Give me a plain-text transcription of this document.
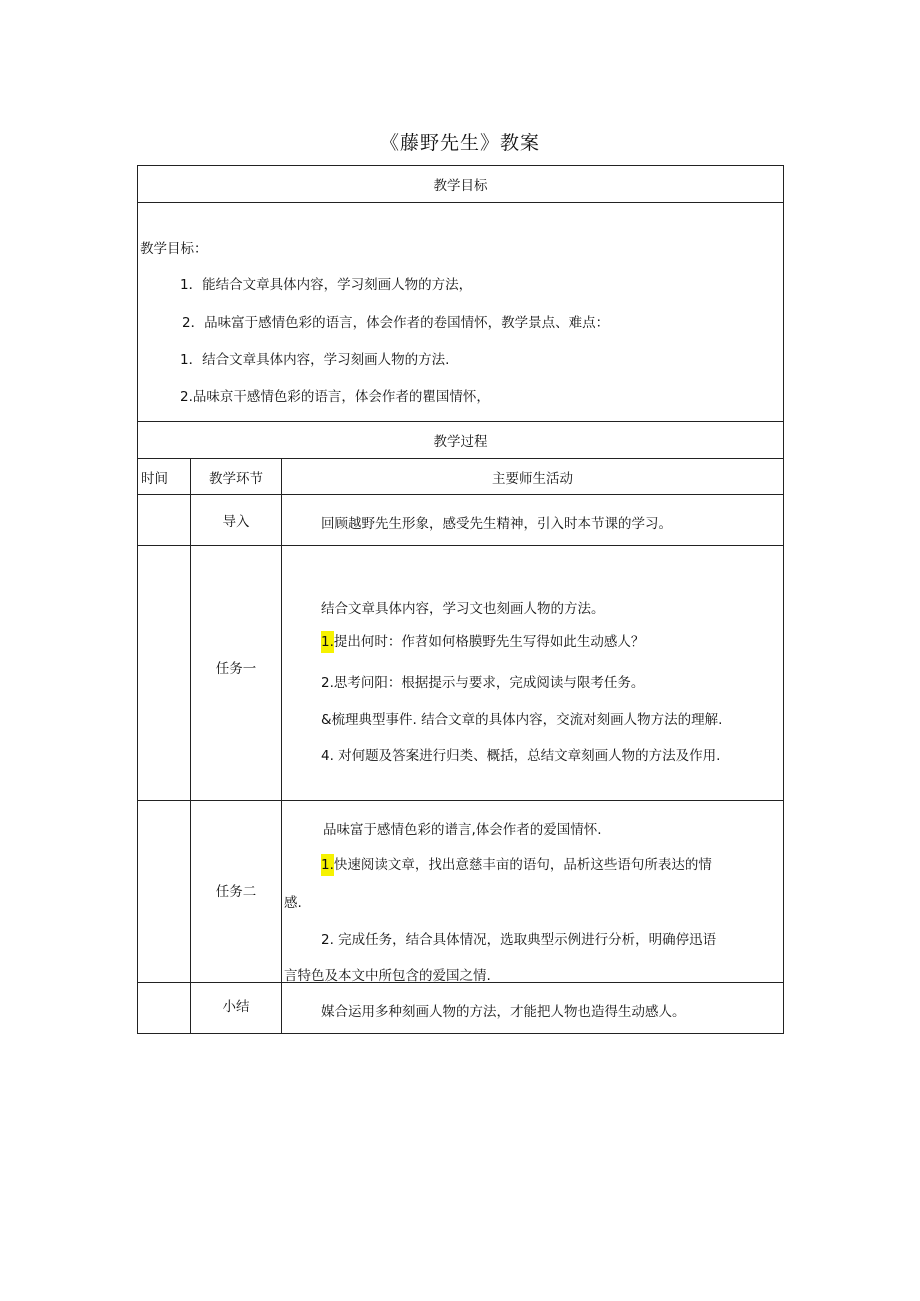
《藤野先生》教案
教学目标		

教学目标：

1．能结合文章具体内容，学习刻画人物的方法，

2．品味富于感情色彩的语言，体会作者的卷国情怀，教学景点、难点：

1．结合文章具体内容，学习刻画人物的方法.

2.品味京干感情色彩的语言，体会作者的瞿国情怀，		

教学过程		
时间	教学环节	主要师生活动
	导入	回顾越野先生形象，感受先生精神，引入时本节课的学习。

	任务一	结合文章具体内容，学习文也刻画人物的方法。

1.提出何时：作苕如何格膜野先生写得如此生动感人？

2.思考问阳：根据提示与要求，完成阅读与限考任务。

&梳理典型事件. 结合文章的具体内容，交流对刻画人物方法的理解.

4. 对何题及答案进行归类、概括，总结文章刻画人物的方法及作用.

	任务二	品味富于感情色彩的谱言,体会作者的爱国情怀.

1.快速阅读文章，找出意慈丰亩的语句，品析这些语句所表达的情

感.

2. 完成任务，结合具体情况，选取典型示例进行分析，明确停迅语

言特色及本文中所包含的爱国之情.

	小结	媒合运用多种刻画人物的方法，才能把人物也造得生动感人。
